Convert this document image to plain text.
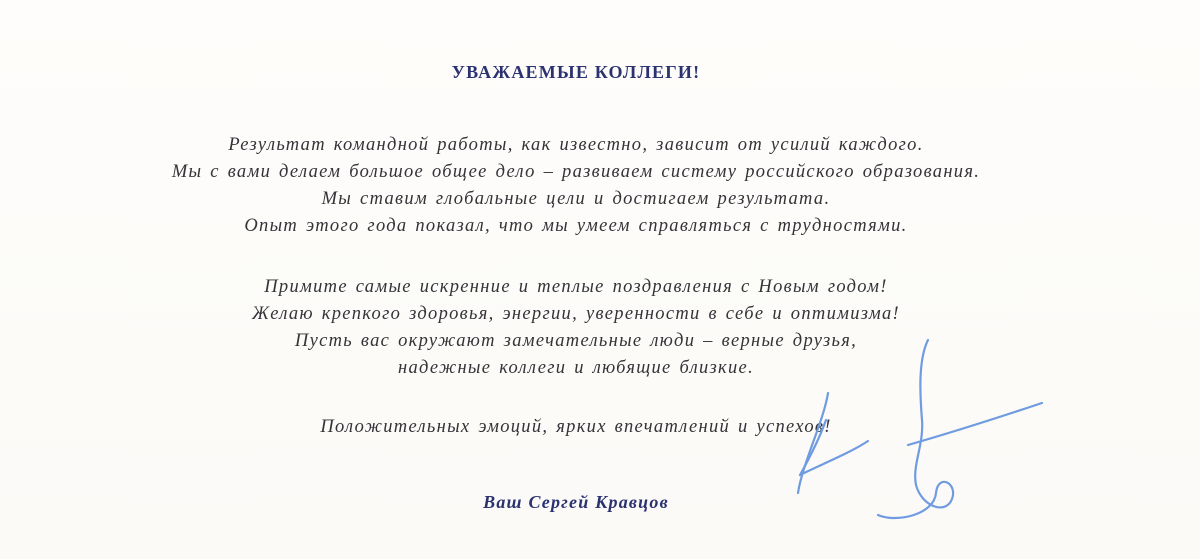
УВАЖАЕМЫЕ КОЛЛЕГИ!
Результат командной работы, как известно, зависит от усилий каждого.
Мы с вами делаем большое общее дело – развиваем систему российского образования.
Мы ставим глобальные цели и достигаем результата.
Опыт этого года показал, что мы умеем справляться с трудностями.
Примите самые искренние и теплые поздравления с Новым годом!
Желаю крепкого здоровья, энергии, уверенности в себе и оптимизма!
Пусть вас окружают замечательные люди – верные друзья,
надежные коллеги и любящие близкие.
Положительных эмоций, ярких впечатлений и успехов!
Ваш Сергей Кравцов
